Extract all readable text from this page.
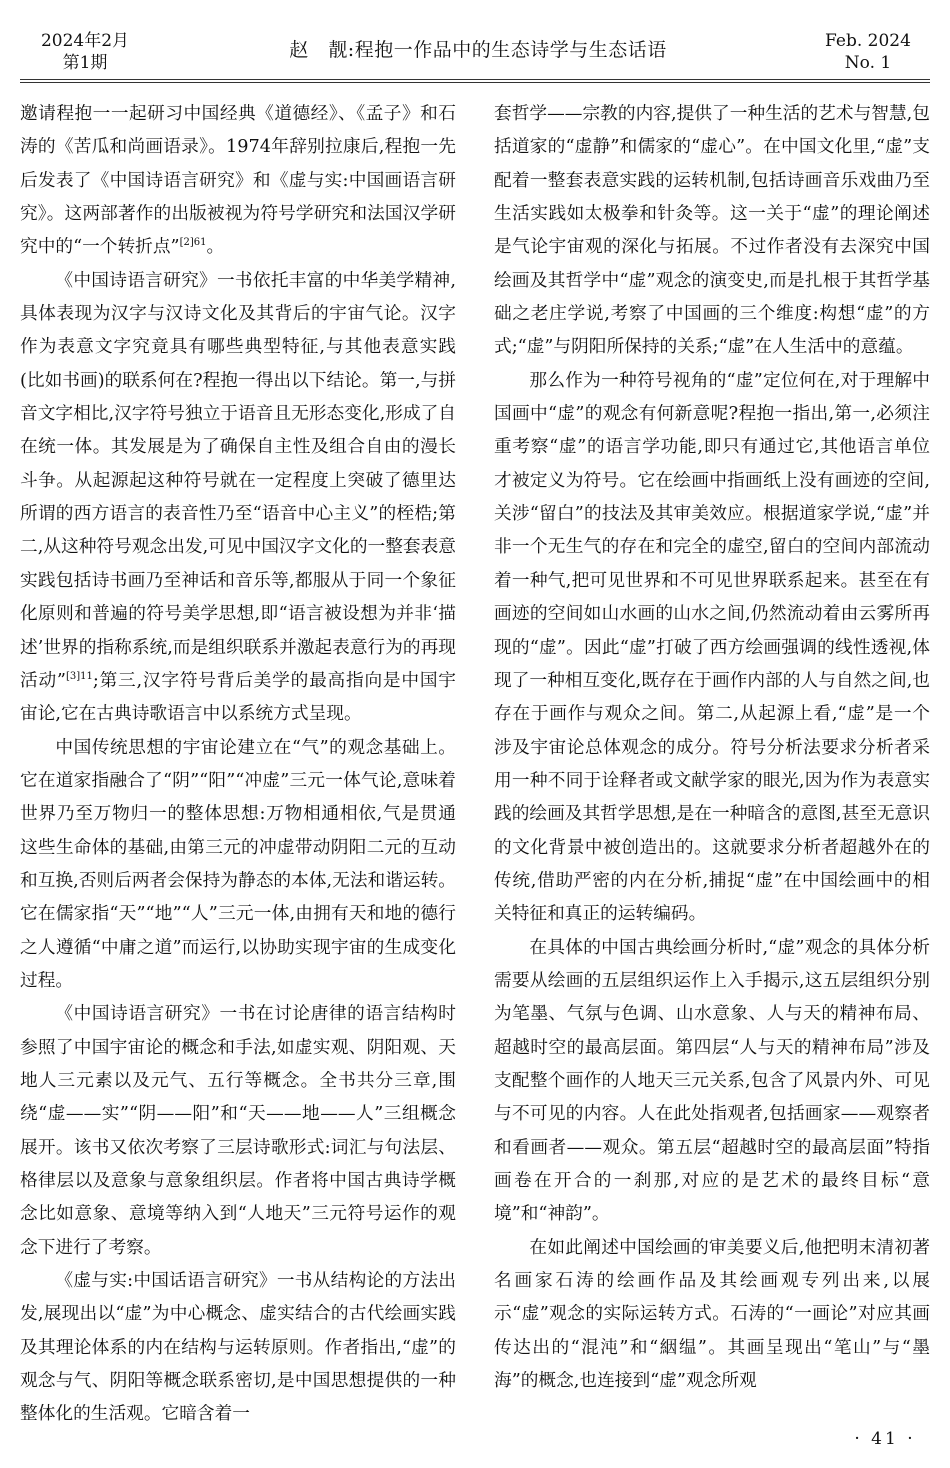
2024年2月
第1期
赵　靓:程抱一作品中的生态诗学与生态话语	Feb. 2024
No. 1

邀请程抱一一起研习中国经典《道德经》、《孟子》和石涛的《苦瓜和尚画语录》。1974年辞别拉康后,程抱一先后发表了《中国诗语言研究》和《虚与实:中国画语言研究》。这两部著作的出版被视为符号学研究和法国汉学研究中的“一个转折点”$^{[2]61}$。

《中国诗语言研究》一书依托丰富的中华美学精神,具体表现为汉字与汉诗文化及其背后的宇宙气论。汉字作为表意文字究竟具有哪些典型特征,与其他表意实践(比如书画)的联系何在?程抱一得出以下结论。第一,与拼音文字相比,汉字符号独立于语音且无形态变化,形成了自在统一体。其发展是为了确保自主性及组合自由的漫长斗争。从起源起这种符号就在一定程度上突破了德里达所谓的西方语言的表音性乃至“语音中心主义”的桎梏;第二,从这种符号观念出发,可见中国汉字文化的一整套表意实践包括诗书画乃至神话和音乐等,都服从于同一个象征化原则和普遍的符号美学思想,即“语言被设想为并非‘描述’世界的指称系统,而是组织联系并激起表意行为的再现活动”$^{[3]11}$;第三,汉字符号背后美学的最高指向是中国宇宙论,它在古典诗歌语言中以系统方式呈现。

中国传统思想的宇宙论建立在“气”的观念基础上。它在道家指融合了“阴”“阳”“冲虚”三元一体气论,意味着世界乃至万物归一的整体思想:万物相通相依,气是贯通这些生命体的基础,由第三元的冲虚带动阴阳二元的互动和互换,否则后两者会保持为静态的本体,无法和谐运转。它在儒家指“天”“地”“人”三元一体,由拥有天和地的德行之人遵循“中庸之道”而运行,以协助实现宇宙的生成变化过程。

《中国诗语言研究》一书在讨论唐律的语言结构时参照了中国宇宙论的概念和手法,如虚实观、阴阳观、天地人三元素以及元气、五行等概念。全书共分三章,围绕“虚——实”“阴——阳”和“天——地——人”三组概念展开。该书又依次考察了三层诗歌形式:词汇与句法层、格律层以及意象与意象组织层。作者将中国古典诗学概念比如意象、意境等纳入到“人地天”三元符号运作的观念下进行了考察。

《虚与实:中国话语言研究》一书从结构论的方法出发,展现出以“虚”为中心概念、虚实结合的古代绘画实践及其理论体系的内在结构与运转原则。作者指出,“虚”的观念与气、阴阳等概念联系密切,是中国思想提供的一种整体化的生活观。它暗含着一

套哲学——宗教的内容,提供了一种生活的艺术与智慧,包括道家的“虚静”和儒家的“虚心”。在中国文化里,“虚”支配着一整套表意实践的运转机制,包括诗画音乐戏曲乃至生活实践如太极拳和针灸等。这一关于“虚”的理论阐述是气论宇宙观的深化与拓展。不过作者没有去深究中国绘画及其哲学中“虚”观念的演变史,而是扎根于其哲学基础之老庄学说,考察了中国画的三个维度:构想“虚”的方式;“虚”与阴阳所保持的关系;“虚”在人生活中的意蕴。

那么作为一种符号视角的“虚”定位何在,对于理解中国画中“虚”的观念有何新意呢?程抱一指出,第一,必须注重考察“虚”的语言学功能,即只有通过它,其他语言单位才被定义为符号。它在绘画中指画纸上没有画迹的空间,关涉“留白”的技法及其审美效应。根据道家学说,“虚”并非一个无生气的存在和完全的虚空,留白的空间内部流动着一种气,把可见世界和不可见世界联系起来。甚至在有画迹的空间如山水画的山水之间,仍然流动着由云雾所再现的“虚”。因此“虚”打破了西方绘画强调的线性透视,体现了一种相互变化,既存在于画作内部的人与自然之间,也存在于画作与观众之间。第二,从起源上看,“虚”是一个涉及宇宙论总体观念的成分。符号分析法要求分析者采用一种不同于诠释者或文献学家的眼光,因为作为表意实践的绘画及其哲学思想,是在一种暗含的意图,甚至无意识的文化背景中被创造出的。这就要求分析者超越外在的传统,借助严密的内在分析,捕捉“虚”在中国绘画中的相关特征和真正的运转编码。

在具体的中国古典绘画分析时,“虚”观念的具体分析需要从绘画的五层组织运作上入手揭示,这五层组织分别为笔墨、气氛与色调、山水意象、人与天的精神布局、超越时空的最高层面。第四层“人与天的精神布局”涉及支配整个画作的人地天三元关系,包含了风景内外、可见与不可见的内容。人在此处指观者,包括画家——观察者和看画者——观众。第五层“超越时空的最高层面”特指画卷在开合的一刹那,对应的是艺术的最终目标“意境”和“神韵”。

在如此阐述中国绘画的审美要义后,他把明末清初著名画家石涛的绘画作品及其绘画观专列出来,以展示“虚”观念的实际运转方式。石涛的“一画论”对应其画传达出的“混沌”和“絪缊”。其画呈现出“笔山”与“墨海”的概念,也连接到“虚”观念所观

· 41 ·
